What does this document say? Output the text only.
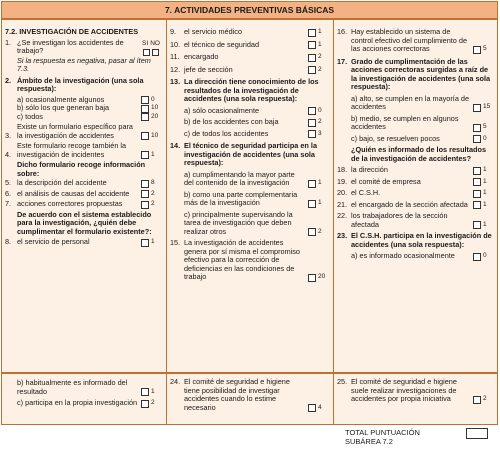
7. ACTIVIDADES PREVENTIVAS BÁSICAS
7.2. INVESTIGACIÓN DE ACCIDENTES
1. ¿Se investigan los accidentes de trabajo?
SI NO

Si la respuesta es negativa, pasar al ítem 7.3.
2. Ámbito de la investigación (una sola respuesta):
a) ocasionalmente algunos	0
b) sólo los que generan baja	10
c) todos	20
3.
Existe un formulario específico para la investigación de accidentes	10
4.
Este formulario recoge también la investigación de incidentes	1
Dicho formulario recoge información sobre:
5. la descripción del accidente	8
6. el análisis de causas del accidente	2
7. acciones correctores propuestas	2
De acuerdo con el sistema establecido para la investigación, ¿quién debe cumplimentar el formulario existente?:
8. el servicio de personal	1
b) habitualmente es informado del resultado	1
c) participa en la propia investigación 2
9.	el servicio médico	1
10. el técnico de seguridad	1
11. encargado	2
12. jefe de sección	2
13. La dirección tiene conocimiento de los resultados de la investigación de accidentes (una sola respuesta):
a) sólo ocasionalmente	0
b) de los accidentes con baja	2
c) de todos los accidentes	3
14. El técnico de seguridad participa en la investigación de accidentes (una sola respuesta):
a) cumplimentando la mayor parte del contenido de la investigación	1
b) como una parte complementaria más de la investigación	1
c) principalmente supervisando la tarea de investigación que deben realizar otros	2
15. La investigación de accidentes genera por sí misma el compromiso efectivo para la corrección de deficiencias en las condiciones de trabajo	20
24. El comité de seguridad e higiene tiene posibilidad de investigar accidentes cuando lo estime necesario	4
16. Hay establecido un sistema de control efectivo del cumplimiento de las acciones correctoras	5
17. Grado de cumplimentación de las acciones correctoras surgidas a raíz de la investigación de accidentes (una sola respuesta):
a) alto, se cumplen en la mayoría de accidentes	15
b) medio, se cumplen en algunos accidentes	5
c) bajo, se resuelven pocos	0
¿Quién es informado de los resultados de la investigación de accidentes?
18. la dirección	1
19. el comité de empresa	1
20. el C.S.H.	1
21. el encargado de la sección afectada	1
22. los trabajadores de la sección afectada	1
23. El C.S.H. participa en la investigación de accidentes (una sola respuesta):
a) es informado ocasionalmente	0
25. El comité de seguridad e higiene suele realizar investigaciones de accidentes por propia iniciativa	2
TOTAL PUNTUACIÓN SUBÁREA 7.2
